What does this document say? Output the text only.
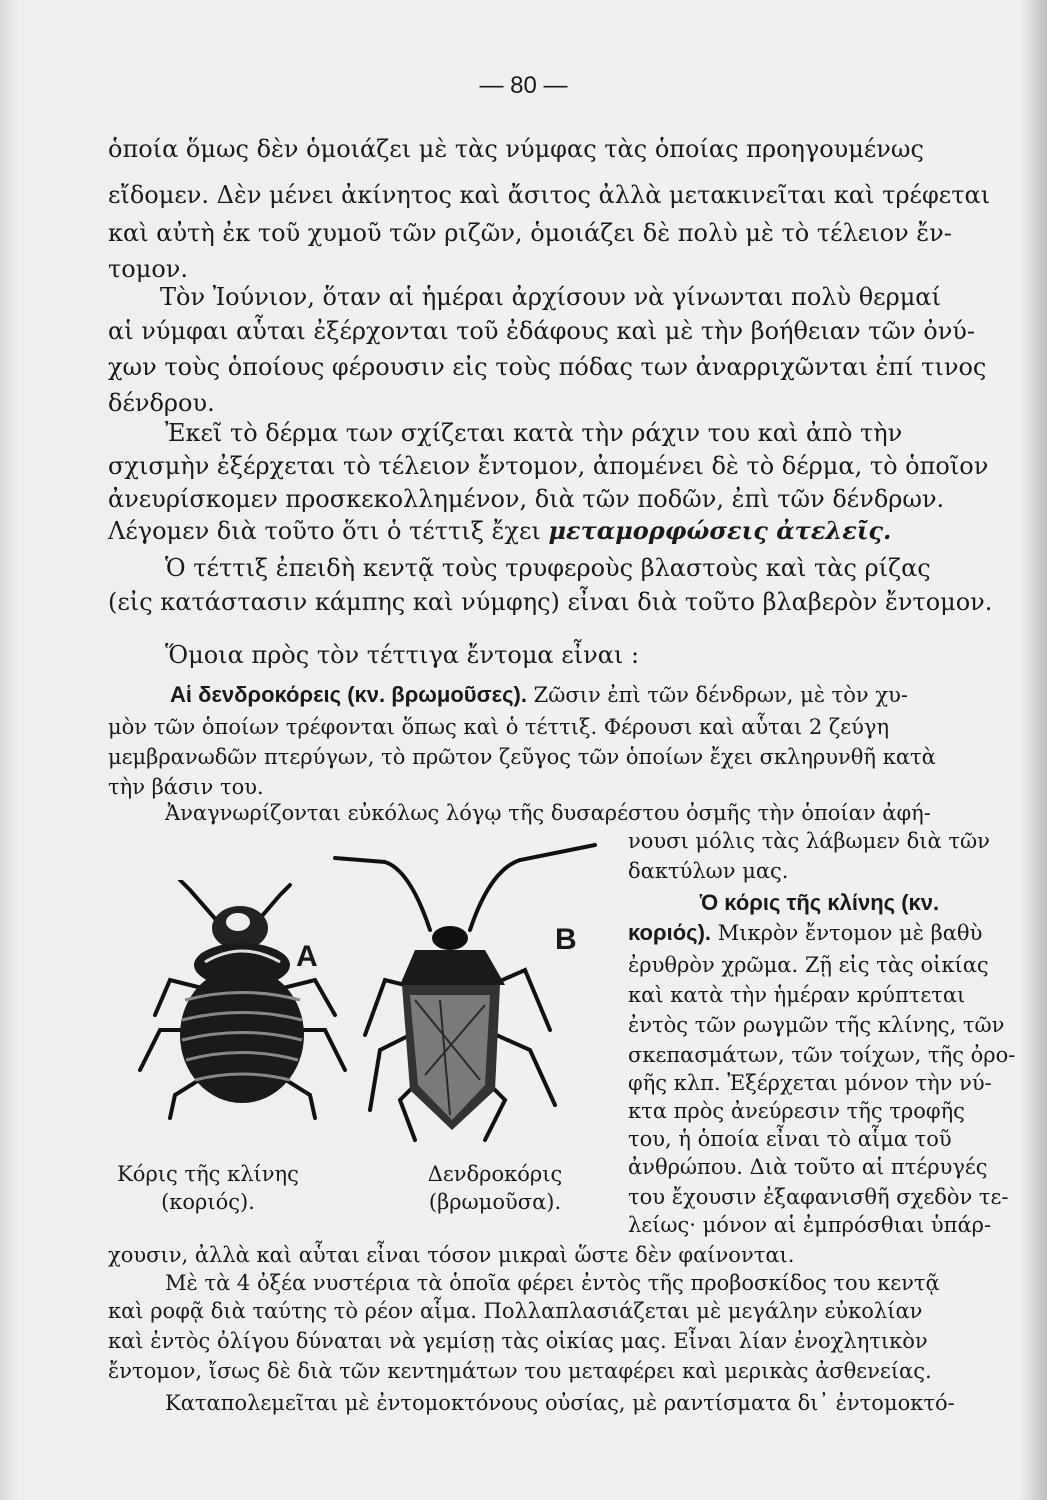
— 80 —
ὁποία ὅμως δὲν ὁμοιάζει μὲ τὰς νύμφας τὰς ὁποίας προηγουμένως
εἴδομεν. Δὲν μένει ἀκίνητος καὶ ἄσιτος ἀλλὰ μετακινεῖται καὶ τρέφεται
καὶ αὐτὴ ἐκ τοῦ χυμοῦ τῶν ριζῶν, ὁμοιάζει δὲ πολὺ μὲ τὸ τέλειον ἔν-
τομον.
Τὸν Ἰούνιον, ὅταν αἱ ἡμέραι ἀρχίσουν νὰ γίνωνται πολὺ θερμαί
αἱ νύμφαι αὗται ἐξέρχονται τοῦ ἐδάφους καὶ μὲ τὴν βοήθειαν τῶν ὀνύ-
χων τοὺς ὁποίους φέρουσιν εἰς τοὺς πόδας των ἀναρριχῶνται ἐπί τινος
δένδρου.
Ἐκεῖ τὸ δέρμα των σχίζεται κατὰ τὴν ράχιν του καὶ ἀπὸ τὴν
σχισμὴν ἐξέρχεται τὸ τέλειον ἔντομον, ἀπομένει δὲ τὸ δέρμα, τὸ ὁποῖον
ἀνευρίσκομεν προσκεκολλημένον, διὰ τῶν ποδῶν, ἐπὶ τῶν δένδρων.
Λέγομεν διὰ τοῦτο ὅτι ὁ τέττιξ ἔχει μεταμορφώσεις ἀτελεῖς.
Ὁ τέττιξ ἐπειδὴ κεντᾷ τοὺς τρυφεροὺς βλαστοὺς καὶ τὰς ρίζας
(εἰς κατάστασιν κάμπης καὶ νύμφης) εἶναι διὰ τοῦτο βλαβερὸν ἔντομον.
Ὅμοια πρὸς τὸν τέττιγα ἔντομα εἶναι :
Αἱ δενδροκόρεις (κν. βρωμοῦσες). Ζῶσιν ἐπὶ τῶν δένδρων, μὲ τὸν χυ-
μὸν τῶν ὁποίων τρέφονται ὅπως καὶ ὁ τέττιξ. Φέρουσι καὶ αὗται 2 ζεύγη
μεμβρανωδῶν πτερύγων, τὸ πρῶτον ζεῦγος τῶν ὁποίων ἔχει σκληρυνθῆ κατὰ
τὴν βάσιν του.
Ἀναγνωρίζονται εὐκόλως λόγῳ τῆς δυσαρέστου ὀσμῆς τὴν ὁποίαν ἀφή-
νουσι μόλις τὰς λάβωμεν διὰ τῶν
δακτύλων μας.
Ὁ κόρις τῆς κλίνης (κν.
κοριός). Μικρὸν ἔντομον μὲ βαθὺ
ἐρυθρὸν χρῶμα. Ζῇ εἰς τὰς οἰκίας
καὶ κατὰ τὴν ἡμέραν κρύπτεται
ἐντὸς τῶν ρωγμῶν τῆς κλίνης, τῶν
σκεπασμάτων, τῶν τοίχων, τῆς ὀρο-
φῆς κλπ. Ἐξέρχεται μόνον τὴν νύ-
κτα πρὸς ἀνεύρεσιν τῆς τροφῆς
του, ἡ ὁποία εἶναι τὸ αἷμα τοῦ
ἀνθρώπου. Διὰ τοῦτο αἱ πτέρυγές
του ἔχουσιν ἐξαφανισθῆ σχεδὸν τε-
λείως· μόνον αἱ ἐμπρόσθιαι ὑπάρ-
χουσιν, ἀλλὰ καὶ αὗται εἶναι τόσον μικραὶ ὥστε δὲν φαίνονται.
Μὲ τὰ 4 ὀξέα νυστέρια τὰ ὁποῖα φέρει ἐντὸς τῆς προβοσκίδος του κεντᾷ
καὶ ροφᾷ διὰ ταύτης τὸ ρέον αἷμα. Πολλαπλασιάζεται μὲ μεγάλην εὐκολίαν
καὶ ἐντὸς ὀλίγου δύναται νὰ γεμίσῃ τὰς οἰκίας μας. Εἶναι λίαν ἐνοχλητικὸν
ἔντομον, ἴσως δὲ διὰ τῶν κεντημάτων του μεταφέρει καὶ μερικὰς ἀσθενείας.
Καταπολεμεῖται μὲ ἐντομοκτόνους οὐσίας, μὲ ραντίσματα δι᾽ ἐντομοκτό-
A
B
Κόρις τῆς κλίνης
(κοριός).
Δενδροκόρις
(βρωμοῦσα).
